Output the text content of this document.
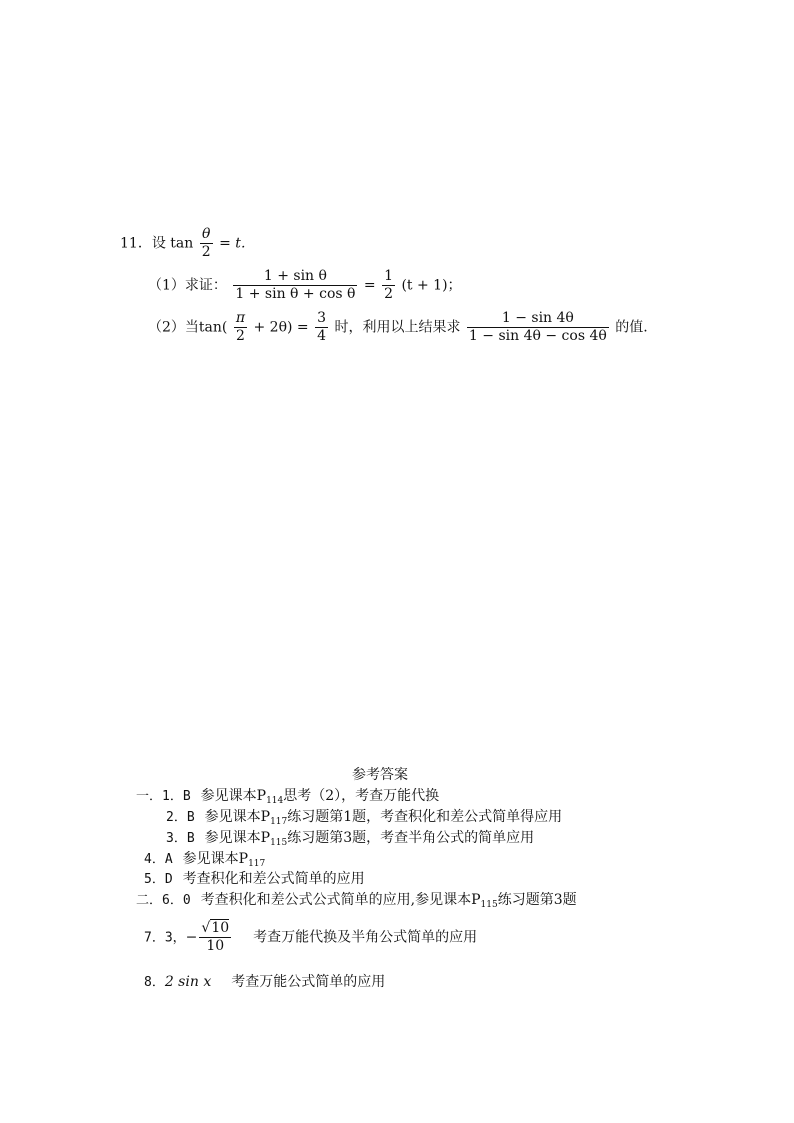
11．设 $\tan \frac{\theta}{2} = t$．
（1）求证： $\frac{\text{1 + sin θ}}{\text{1 + sin θ + cos θ}} = \frac{1}{2} (t + 1)$；
（2）当$\tan( \frac{\pi}{2} + 2\theta) = \frac{3}{4}$ 时，利用以上结果求 $\frac{1 - \sin 4\theta}{1 - \sin 4\theta - \cos 4\theta}$ 的值.
参考答案
一．1．B 参见课本$P_{114}$思考（2），考查万能代换
2．B 参见课本$P_{117}$练习题第1题，考查积化和差公式简单得应用
3．B 参见课本$P_{115}$练习题第3题，考查半角公式的简单应用
4．A 参见课本$P_{117}$
5．D 考查积化和差公式简单的应用
二．6．0 考查积化和差公式公式简单的应用,参见课本$P_{115}$练习题第3题
7．3，− $\frac{√10}{10}$ 考查万能代换及半角公式简单的应用
8．2 sin x 考查万能公式简单的应用
